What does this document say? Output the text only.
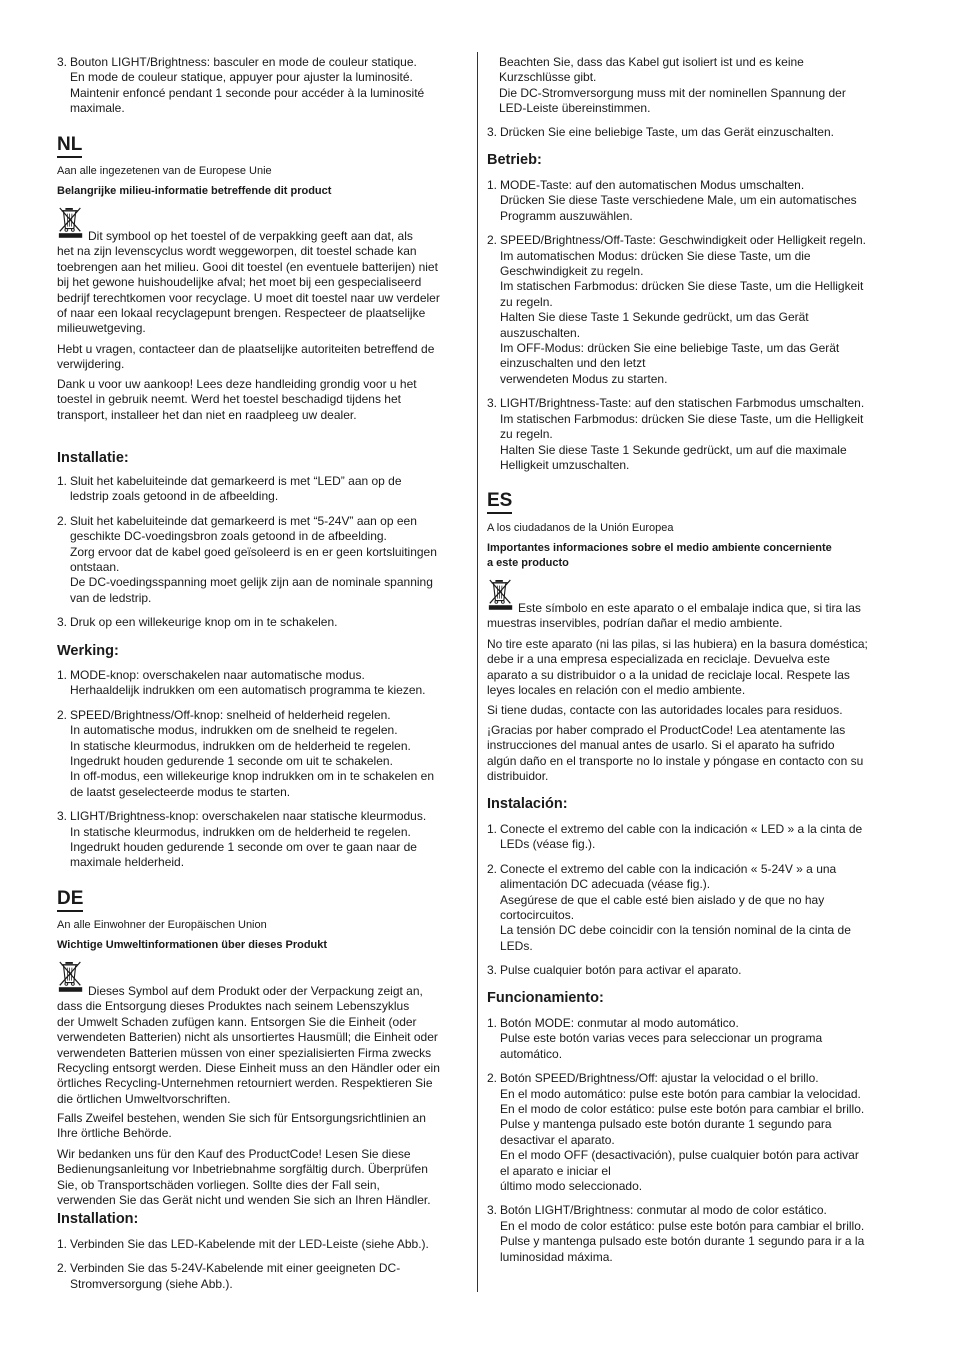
3. Bouton LIGHT/Brightness: basculer en mode de couleur statique.
En mode de couleur statique, appuyer pour ajuster la luminosité.
Maintenir enfoncé pendant 1 seconde pour accéder à la luminosité
maximale.
NL

Aan alle ingezetenen van de Europese Unie

Belangrijke milieu-informatie betreffende dit product

Dit symbool op het toestel of de verpakking geeft aan dat, als
het na zijn levenscyclus wordt weggeworpen, dit toestel schade kan
toebrengen aan het milieu. Gooi dit toestel (en eventuele batterijen) niet
bij het gewone huishoudelijke afval; het moet bij een gespecialiseerd
bedrijf terechtkomen voor recyclage. U moet dit toestel naar uw verdeler
of naar een lokaal recyclagepunt brengen. Respecteer de plaatselijke
milieuwetgeving.
Hebt u vragen, contacteer dan de plaatselijke autoriteiten betreffend de
verwijdering.
Dank u voor uw aankoop! Lees deze handleiding grondig voor u het
toestel in gebruik neemt. Werd het toestel beschadigd tijdens het
transport, installeer het dan niet en raadpleeg uw dealer.

Installatie:

1. Sluit het kabeluiteinde dat gemarkeerd is met “LED” aan op de
ledstrip zoals getoond in de afbeelding.
2. Sluit het kabeluiteinde dat gemarkeerd is met “5-24V” aan op een
geschikte DC-voedingsbron zoals getoond in de afbeelding.
Zorg ervoor dat de kabel goed geïsoleerd is en er geen kortsluitingen
ontstaan.
De DC-voedingsspanning moet gelijk zijn aan de nominale spanning
van de ledstrip.
3. Druk op een willekeurige knop om in te schakelen.

Werking:

1. MODE-knop: overschakelen naar automatische modus.
Herhaaldelijk indrukken om een automatisch programma te kiezen.
2. SPEED/Brightness/Off-knop: snelheid of helderheid regelen.
In automatische modus, indrukken om de snelheid te regelen.
In statische kleurmodus, indrukken om de helderheid te regelen.
Ingedrukt houden gedurende 1 seconde om uit te schakelen.
In off-modus, een willekeurige knop indrukken om in te schakelen en
de laatst geselecteerde modus te starten.
3. LIGHT/Brightness-knop: overschakelen naar statische kleurmodus.
In statische kleurmodus, indrukken om de helderheid te regelen.
Ingedrukt houden gedurende 1 seconde om over te gaan naar de
maximale helderheid.
DE

An alle Einwohner der Europäischen Union

Wichtige Umweltinformationen über dieses Produkt

Dieses Symbol auf dem Produkt oder der Verpackung zeigt an,
dass die Entsorgung dieses Produktes nach seinem Lebenszyklus
der Umwelt Schaden zufügen kann. Entsorgen Sie die Einheit (oder
verwendeten Batterien) nicht als unsortiertes Hausmüll; die Einheit oder
verwendeten Batterien müssen von einer spezialisierten Firma zwecks
Recycling entsorgt werden. Diese Einheit muss an den Händler oder ein
örtliches Recycling-Unternehmen retourniert werden. Respektieren Sie
die örtlichen Umweltvorschriften.
Falls Zweifel bestehen, wenden Sie sich für Entsorgungsrichtlinien an
Ihre örtliche Behörde.
Wir bedanken uns für den Kauf des ProductCode! Lesen Sie diese
Bedienungsanleitung vor Inbetriebnahme sorgfältig durch. Überprüfen
Sie, ob Transportschäden vorliegen. Sollte dies der Fall sein,
verwenden Sie das Gerät nicht und wenden Sie sich an Ihren Händler.

Installation:

1. Verbinden Sie das LED-Kabelende mit der LED-Leiste (siehe Abb.).
2. Verbinden Sie das 5-24V-Kabelende mit einer geeigneten DC-
Stromversorgung (siehe Abb.).
Beachten Sie, dass das Kabel gut isoliert ist und es keine
Kurzschlüsse gibt.
Die DC-Stromversorgung muss mit der nominellen Spannung der
LED-Leiste übereinstimmen.
3. Drücken Sie eine beliebige Taste, um das Gerät einzuschalten.

Betrieb:

1. MODE-Taste: auf den automatischen Modus umschalten.
Drücken Sie diese Taste verschiedene Male, um ein automatisches
Programm auszuwählen.
2. SPEED/Brightness/Off-Taste: Geschwindigkeit oder Helligkeit regeln.
Im automatischen Modus: drücken Sie diese Taste, um die
Geschwindigkeit zu regeln.
Im statischen Farbmodus: drücken Sie diese Taste, um die Helligkeit
zu regeln.
Halten Sie diese Taste 1 Sekunde gedrückt, um das Gerät
auszuschalten.
Im OFF-Modus: drücken Sie eine beliebige Taste, um das Gerät
einzuschalten und den letzt
verwendeten Modus zu starten.
3. LIGHT/Brightness-Taste: auf den statischen Farbmodus umschalten.
Im statischen Farbmodus: drücken Sie diese Taste, um die Helligkeit
zu regeln.
Halten Sie diese Taste 1 Sekunde gedrückt, um auf die maximale
Helligkeit umzuschalten.
ES

A los ciudadanos de la Unión Europea

Importantes informaciones sobre el medio ambiente concerniente
a este producto
Este símbolo en este aparato o el embalaje indica que, si tira las
muestras inservibles, podrían dañar el medio ambiente.
No tire este aparato (ni las pilas, si las hubiera) en la basura doméstica;
debe ir a una empresa especializada en reciclaje. Devuelva este
aparato a su distribuidor o a la unidad de reciclaje local. Respete las
leyes locales en relación con el medio ambiente.
Si tiene dudas, contacte con las autoridades locales para residuos.
¡Gracias por haber comprado el ProductCode! Lea atentamente las
instrucciones del manual antes de usarlo. Si el aparato ha sufrido
algún daño en el transporte no lo instale y póngase en contacto con su
distribuidor.

Instalación:

1. Conecte el extremo del cable con la indicación « LED » a la cinta de
LEDs (véase fig.).
2. Conecte el extremo del cable con la indicación « 5-24V » a una
alimentación DC adecuada (véase fig.).
Asegúrese de que el cable esté bien aislado y de que no hay
cortocircuitos.
La tensión DC debe coincidir con la tensión nominal de la cinta de
LEDs.
3. Pulse cualquier botón para activar el aparato.

Funcionamiento:

1. Botón MODE: conmutar al modo automático.
Pulse este botón varias veces para seleccionar un programa
automático.
2. Botón SPEED/Brightness/Off: ajustar la velocidad o el brillo.
En el modo automático: pulse este botón para cambiar la velocidad.
En el modo de color estático: pulse este botón para cambiar el brillo.
Pulse y mantenga pulsado este botón durante 1 segundo para
desactivar el aparato.
En el modo OFF (desactivación), pulse cualquier botón para activar
el aparato e iniciar el
último modo seleccionado.
3. Botón LIGHT/Brightness: conmutar al modo de color estático.
En el modo de color estático: pulse este botón para cambiar el brillo.
Pulse y mantenga pulsado este botón durante 1 segundo para ir a la
luminosidad máxima.
